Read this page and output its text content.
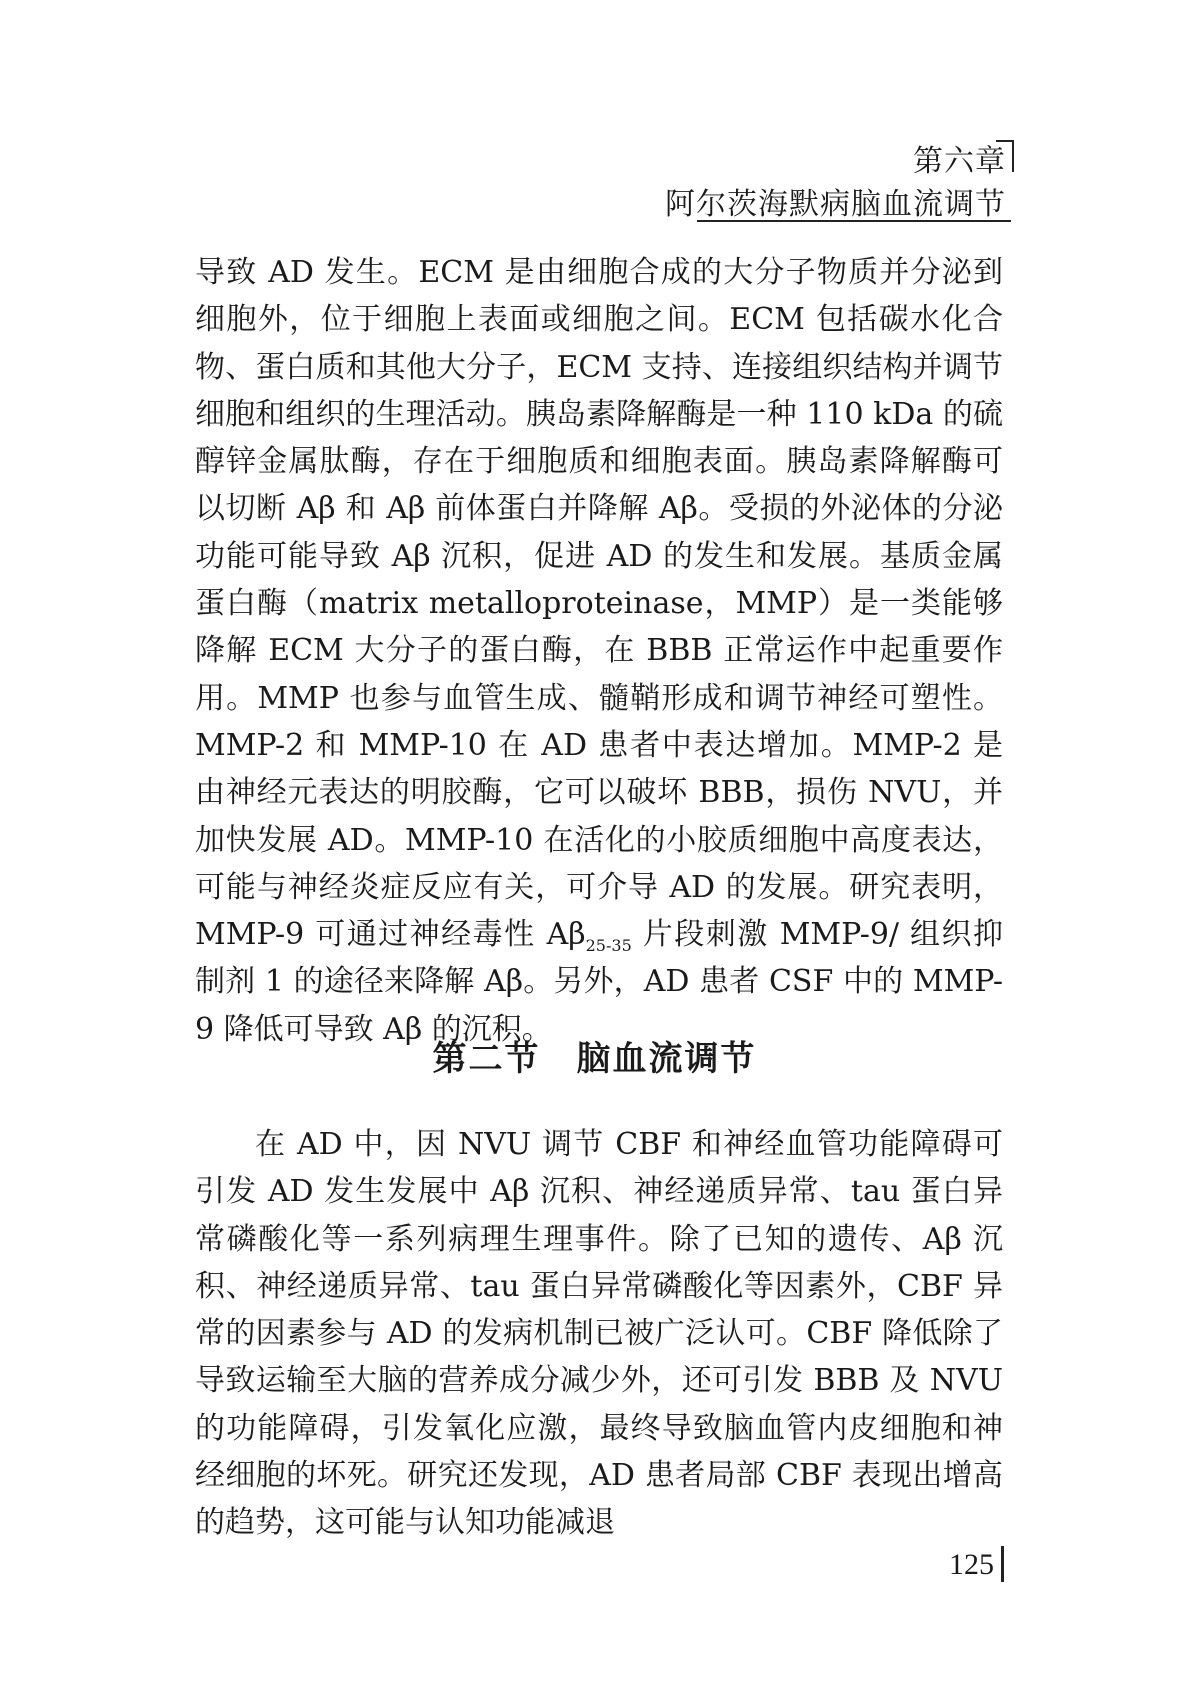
第六章
阿尔茨海默病脑血流调节

导致 AD 发生。ECM 是由细胞合成的大分子物质并分泌到细胞外，位于细胞上表面或细胞之间。ECM 包括碳水化合物、蛋白质和其他大分子，ECM 支持、连接组织结构并调节细胞和组织的生理活动。胰岛素降解酶是一种 110 kDa 的硫醇锌金属肽酶，存在于细胞质和细胞表面。胰岛素降解酶可以切断 Aβ 和 Aβ 前体蛋白并降解 Aβ。受损的外泌体的分泌功能可能导致 Aβ 沉积，促进 AD 的发生和发展。基质金属蛋白酶（matrix metalloproteinase，MMP）是一类能够降解 ECM 大分子的蛋白酶，在 BBB 正常运作中起重要作用。MMP 也参与血管生成、髓鞘形成和调节神经可塑性。MMP-2 和 MMP-10 在 AD 患者中表达增加。MMP-2 是由神经元表达的明胶酶，它可以破坏 BBB，损伤 NVU，并加快发展 AD。MMP-10 在活化的小胶质细胞中高度表达，可能与神经炎症反应有关，可介导 AD 的发展。研究表明，MMP-9 可通过神经毒性 $A\beta_{25-35}$ 片段刺激 MMP-9/ 组织抑制剂 1 的途径来降解 Aβ。另外，AD 患者 CSF 中的 MMP-9 降低可导致 Aβ 的沉积。

第二节　脑血流调节

在 AD 中，因 NVU 调节 CBF 和神经血管功能障碍可引发 AD 发生发展中 Aβ 沉积、神经递质异常、tau 蛋白异常磷酸化等一系列病理生理事件。除了已知的遗传、Aβ 沉积、神经递质异常、tau 蛋白异常磷酸化等因素外，CBF 异常的因素参与 AD 的发病机制已被广泛认可。CBF 降低除了导致运输至大脑的营养成分减少外，还可引发 BBB 及 NVU 的功能障碍，引发氧化应激，最终导致脑血管内皮细胞和神经细胞的坏死。研究还发现，AD 患者局部 CBF 表现出增高的趋势，这可能与认知功能减退

125
